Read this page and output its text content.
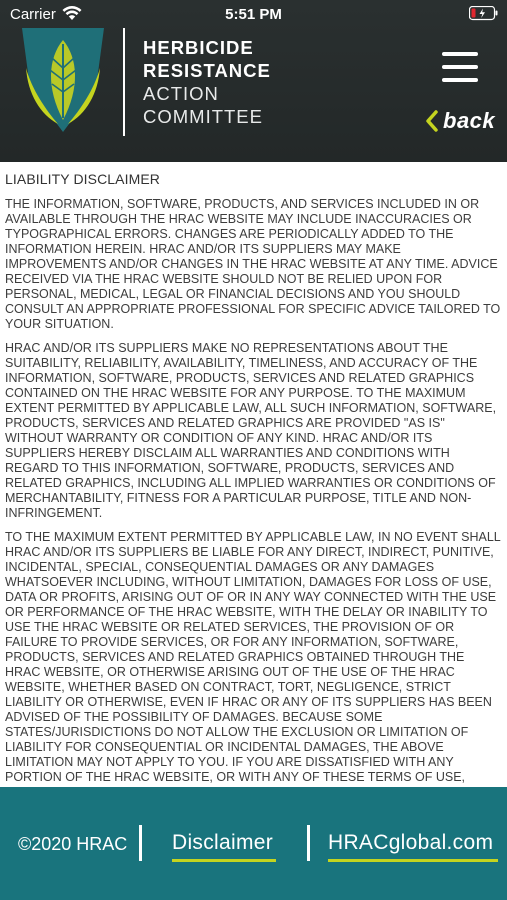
Carrier	5:51 PM
HERBICIDE
RESISTANCE
ACTION
COMMITTEE	back
LIABILITY DISCLAIMER

THE INFORMATION, SOFTWARE, PRODUCTS, AND SERVICES INCLUDED IN OR AVAILABLE THROUGH THE HRAC WEBSITE MAY INCLUDE INACCURACIES OR TYPOGRAPHICAL ERRORS. CHANGES ARE PERIODICALLY ADDED TO THE INFORMATION HEREIN. HRAC AND/OR ITS SUPPLIERS MAY MAKE IMPROVEMENTS AND/OR CHANGES IN THE HRAC WEBSITE AT ANY TIME. ADVICE RECEIVED VIA THE HRAC WEBSITE SHOULD NOT BE RELIED UPON FOR PERSONAL, MEDICAL, LEGAL OR FINANCIAL DECISIONS AND YOU SHOULD CONSULT AN APPROPRIATE PROFESSIONAL FOR SPECIFIC ADVICE TAILORED TO YOUR SITUATION.

HRAC AND/OR ITS SUPPLIERS MAKE NO REPRESENTATIONS ABOUT THE SUITABILITY, RELIABILITY, AVAILABILITY, TIMELINESS, AND ACCURACY OF THE INFORMATION, SOFTWARE, PRODUCTS, SERVICES AND RELATED GRAPHICS CONTAINED ON THE HRAC WEBSITE FOR ANY PURPOSE. TO THE MAXIMUM EXTENT PERMITTED BY APPLICABLE LAW, ALL SUCH INFORMATION, SOFTWARE, PRODUCTS, SERVICES AND RELATED GRAPHICS ARE PROVIDED "AS IS" WITHOUT WARRANTY OR CONDITION OF ANY KIND. HRAC AND/OR ITS SUPPLIERS HEREBY DISCLAIM ALL WARRANTIES AND CONDITIONS WITH REGARD TO THIS INFORMATION, SOFTWARE, PRODUCTS, SERVICES AND RELATED GRAPHICS, INCLUDING ALL IMPLIED WARRANTIES OR CONDITIONS OF MERCHANTABILITY, FITNESS FOR A PARTICULAR PURPOSE, TITLE AND NON-INFRINGEMENT.

TO THE MAXIMUM EXTENT PERMITTED BY APPLICABLE LAW, IN NO EVENT SHALL HRAC AND/OR ITS SUPPLIERS BE LIABLE FOR ANY DIRECT, INDIRECT, PUNITIVE, INCIDENTAL, SPECIAL, CONSEQUENTIAL DAMAGES OR ANY DAMAGES WHATSOEVER INCLUDING, WITHOUT LIMITATION, DAMAGES FOR LOSS OF USE, DATA OR PROFITS, ARISING OUT OF OR IN ANY WAY CONNECTED WITH THE USE OR PERFORMANCE OF THE HRAC WEBSITE, WITH THE DELAY OR INABILITY TO USE THE HRAC WEBSITE OR RELATED SERVICES, THE PROVISION OF OR FAILURE TO PROVIDE SERVICES, OR FOR ANY INFORMATION, SOFTWARE, PRODUCTS, SERVICES AND RELATED GRAPHICS OBTAINED THROUGH THE HRAC WEBSITE, OR OTHERWISE ARISING OUT OF THE USE OF THE HRAC WEBSITE, WHETHER BASED ON CONTRACT, TORT, NEGLIGENCE, STRICT LIABILITY OR OTHERWISE, EVEN IF HRAC OR ANY OF ITS SUPPLIERS HAS BEEN ADVISED OF THE POSSIBILITY OF DAMAGES. BECAUSE SOME STATES/JURISDICTIONS DO NOT ALLOW THE EXCLUSION OR LIMITATION OF LIABILITY FOR CONSEQUENTIAL OR INCIDENTAL DAMAGES, THE ABOVE LIMITATION MAY NOT APPLY TO YOU. IF YOU ARE DISSATISFIED WITH ANY PORTION OF THE HRAC WEBSITE, OR WITH ANY OF THESE TERMS OF USE,

©2020 HRAC Disclaimer	HRACglobal.com
